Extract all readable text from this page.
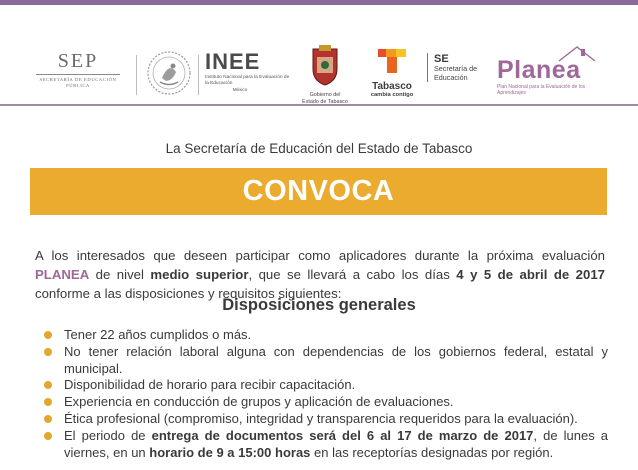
SEP
SECRETARÍA DE EDUCACIÓN PÚBLICA
INEE
Instituto Nacional para la Evaluación de la Educación
México
Gobierno del
Estado de Tabasco
Tabasco
cambia contigo
SE
Secretaría de
Educación	Planea
Plan Nacional para la Evaluación de los Aprendizajes
La Secretaría de Educación del Estado de Tabasco
CONVOCA

A los interesados que deseen participar como aplicadores durante la próxima evaluación PLANEA de nivel medio superior, que se llevará a cabo los días 4 y 5 de abril de 2017 conforme a las disposiciones y requisitos siguientes:

Disposiciones generales
Tener 22 años cumplidos o más.
No tener relación laboral alguna con dependencias de los gobiernos federal, estatal y municipal.
Disponibilidad de horario para recibir capacitación.
Experiencia en conducción de grupos y aplicación de evaluaciones.
Ética profesional (compromiso, integridad y transparencia requeridos para la evaluación).
El periodo de entrega de documentos será del 6 al 17 de marzo de 2017, de lunes a viernes, en un horario de 9 a 15:00 horas en las receptorías designadas por región.
